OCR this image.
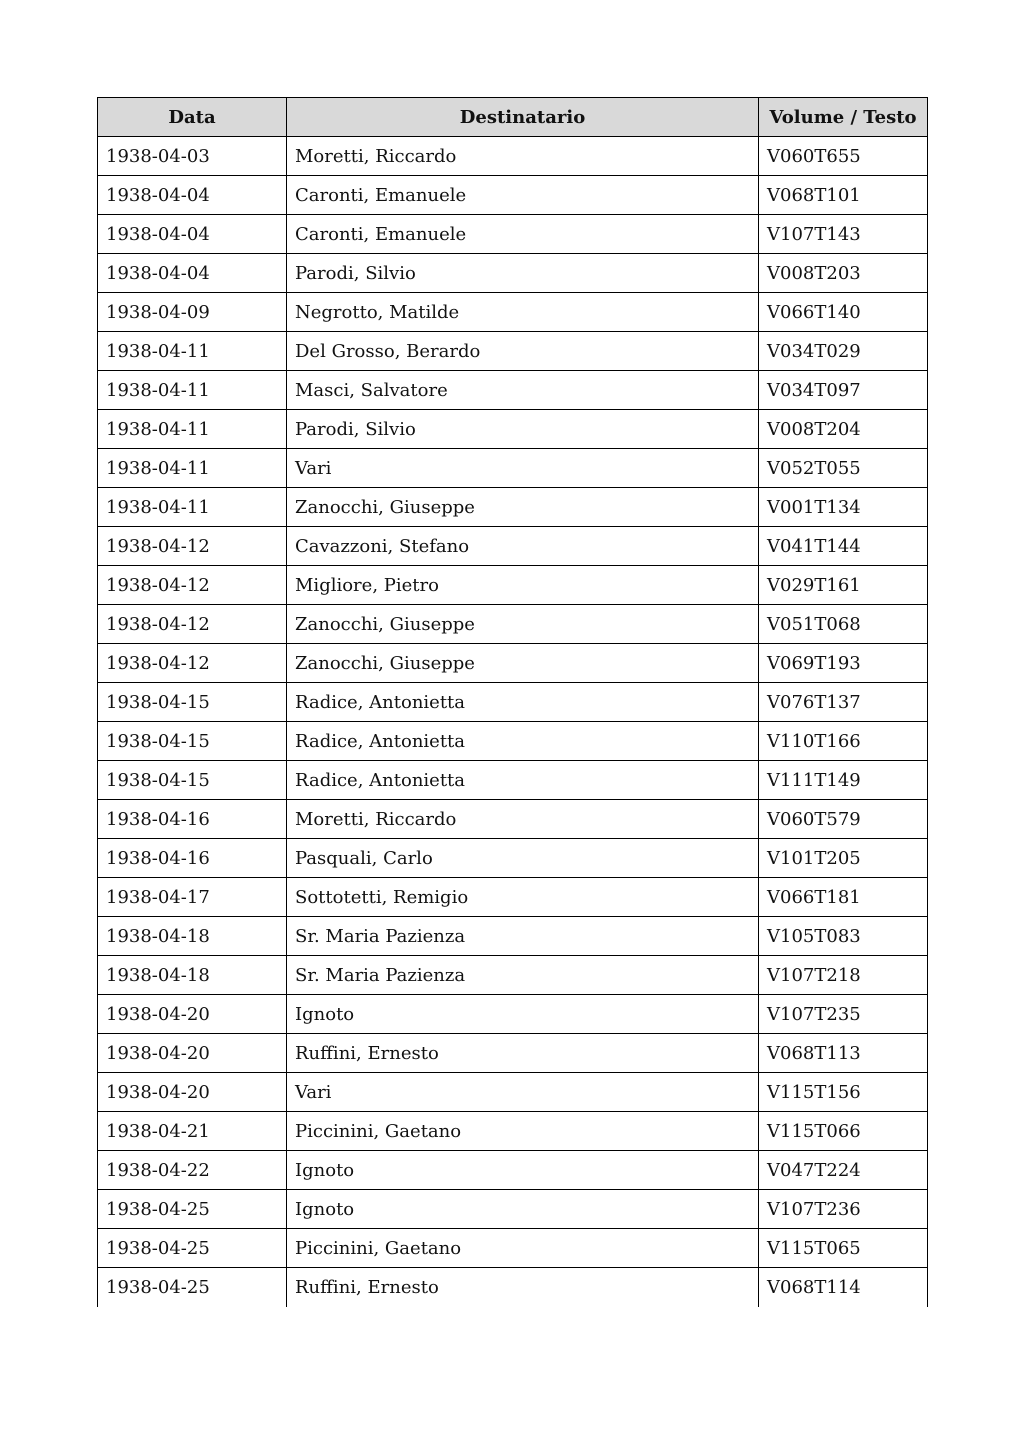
Data	Destinatario	Volume / Testo
1938-04-03	Moretti, Riccardo	V060T655
1938-04-04	Caronti, Emanuele	V068T101
1938-04-04	Caronti, Emanuele	V107T143
1938-04-04	Parodi, Silvio	V008T203
1938-04-09	Negrotto, Matilde	V066T140
1938-04-11	Del Grosso, Berardo	V034T029
1938-04-11	Masci, Salvatore	V034T097
1938-04-11	Parodi, Silvio	V008T204
1938-04-11	Vari	V052T055
1938-04-11	Zanocchi, Giuseppe	V001T134
1938-04-12	Cavazzoni, Stefano	V041T144
1938-04-12	Migliore, Pietro	V029T161
1938-04-12	Zanocchi, Giuseppe	V051T068
1938-04-12	Zanocchi, Giuseppe	V069T193
1938-04-15	Radice, Antonietta	V076T137
1938-04-15	Radice, Antonietta	V110T166
1938-04-15	Radice, Antonietta	V111T149
1938-04-16	Moretti, Riccardo	V060T579
1938-04-16	Pasquali, Carlo	V101T205
1938-04-17	Sottotetti, Remigio	V066T181
1938-04-18	Sr. Maria Pazienza	V105T083
1938-04-18	Sr. Maria Pazienza	V107T218
1938-04-20	Ignoto	V107T235
1938-04-20	Ruffini, Ernesto	V068T113
1938-04-20	Vari	V115T156
1938-04-21	Piccinini, Gaetano	V115T066
1938-04-22	Ignoto	V047T224
1938-04-25	Ignoto	V107T236
1938-04-25	Piccinini, Gaetano	V115T065
1938-04-25	Ruffini, Ernesto	V068T114
